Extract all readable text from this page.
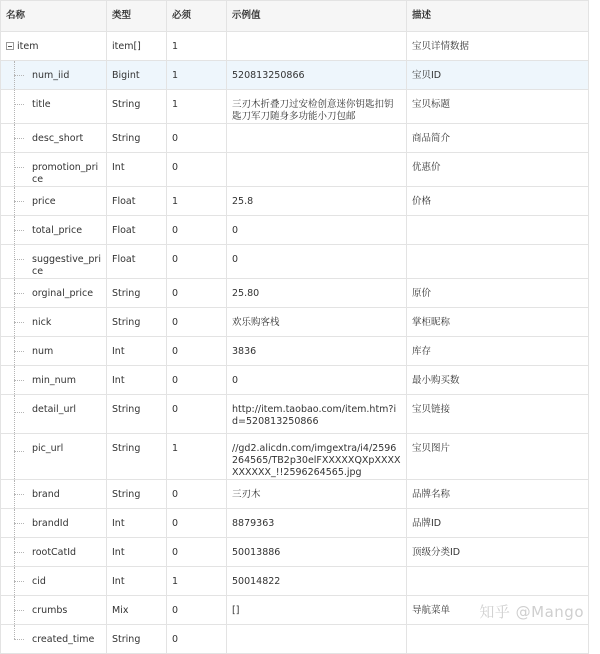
名称	类型	必须	示例值	描述
item	item[]	1		宝贝详情数据

num_iid	Bigint	1	520813250866	宝贝ID

title	String	1	三刃木折叠刀过安检创意迷你钥匙扣钥匙刀军刀随身多功能小刀包邮	宝贝标题

desc_short	String	0		商品简介

promotion_price	Int	0		优惠价

price	Float	1	25.8	价格

total_price	Float	0	0	

suggestive_price	Float	0	0	

orginal_price	String	0	25.80	原价

nick	String	0	欢乐购客栈	掌柜昵称

num	Int	0	3836	库存

min_num	Int	0	0	最小购买数

detail_url	String	0	http://item.taobao.com/item.htm?id=520813250866	宝贝链接

pic_url	String	1	//gd2.alicdn.com/imgextra/i4/2596264565/TB2p30elFXXXXXQXpXXXXXXXXXX_!!2596264565.jpg	宝贝图片

brand	String	0	三刃木	品牌名称

brandId	Int	0	8879363	品牌ID

rootCatId	Int	0	50013886	顶级分类ID

cid	Int	1	50014822	

crumbs	Mix	0	[]	导航菜单

created_time	String	0		
知乎 @Mango
